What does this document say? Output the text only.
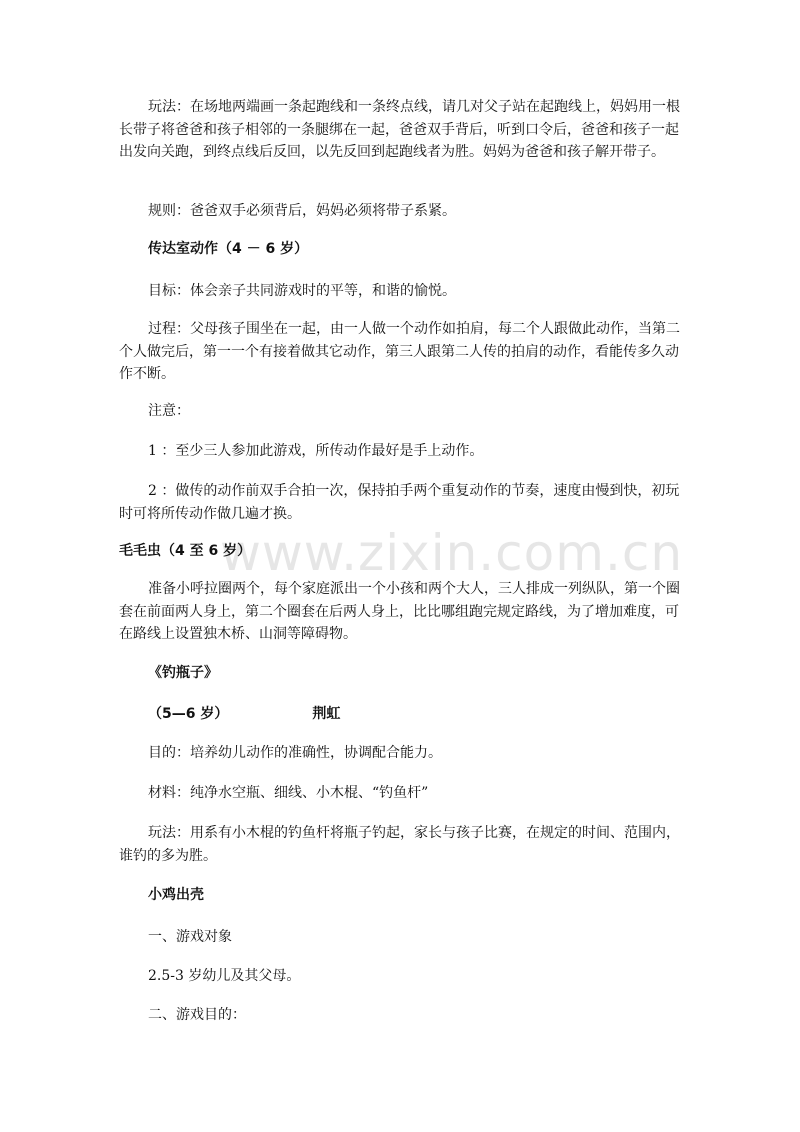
www.zixin.com.cn

玩法：在场地两端画一条起跑线和一条终点线，请几对父子站在起跑线上，妈妈用一根长带子将爸爸和孩子相邻的一条腿绑在一起，爸爸双手背后，听到口令后，爸爸和孩子一起出发向关跑，到终点线后反回，以先反回到起跑线者为胜。妈妈为爸爸和孩子解开带子。

规则：爸爸双手必须背后，妈妈必须将带子系紧。

传达室动作（4 － 6 岁）

目标：体会亲子共同游戏时的平等，和谐的愉悦。

过程：父母孩子围坐在一起，由一人做一个动作如拍肩，每二个人跟做此动作，当第二个人做完后，第一一个有接着做其它动作，第三人跟第二人传的拍肩的动作，看能传多久动作不断。

注意：

1 ：至少三人参加此游戏，所传动作最好是手上动作。

2 ：做传的动作前双手合拍一次，保持拍手两个重复动作的节奏，速度由慢到快，初玩时可将所传动作做几遍才换。

毛毛虫（4 至 6 岁）

准备小呼拉圈两个，每个家庭派出一个小孩和两个大人，三人排成一列纵队，第一个圈套在前面两人身上，第二个圈套在后两人身上，比比哪组跑完规定路线，为了增加难度，可在路线上设置独木桥、山洞等障碍物。

《钓瓶子》

（5—6 岁）	荆虹

目的：培养幼儿动作的准确性，协调配合能力。

材料：纯净水空瓶、细线、小木棍、“钓鱼杆”

玩法：用系有小木棍的钓鱼杆将瓶子钓起，家长与孩子比赛，在规定的时间、范围内，谁钓的多为胜。

小鸡出壳

一、游戏对象

2.5-3 岁幼儿及其父母。

二、游戏目的：
